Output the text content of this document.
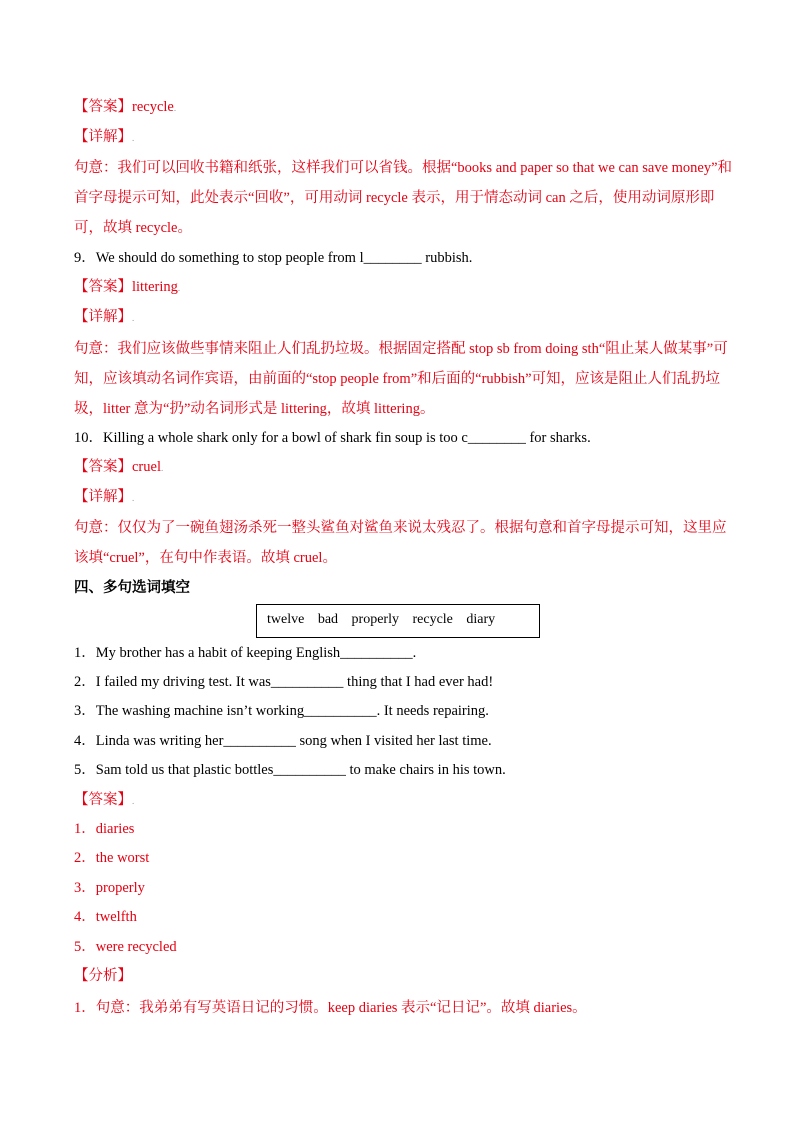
【答案】recycle.
【详解】.
句意：我们可以回收书籍和纸张，这样我们可以省钱。根据“books and paper so that we can save money”和首字母提示可知，此处表示“回收”，可用动词 recycle 表示，用于情态动词 can 之后，使用动词原形即可，故填 recycle。
9．We should do something to stop people from l________ rubbish.
【答案】littering.
【详解】.
句意：我们应该做些事情来阻止人们乱扔垃圾。根据固定搭配 stop sb from doing sth“阻止某人做某事”可知，应该填动名词作宾语，由前面的“stop people from”和后面的“rubbish”可知，应该是阻止人们乱扔垃圾，litter 意为“扔”动名词形式是 littering，故填 littering。
10．Killing a whole shark only for a bowl of shark fin soup is too c________ for sharks.
【答案】cruel.
【详解】.
句意：仅仅为了一碗鱼翅汤杀死一整头鲨鱼对鲨鱼来说太残忍了。根据句意和首字母提示可知，这里应该填“cruel”，在句中作表语。故填 cruel。
四、多句选词填空
twelve bad properly recycle diary
1．My brother has a habit of keeping English__________.
2．I failed my driving test. It was__________ thing that I had ever had!
3．The washing machine isn’t working__________. It needs repairing.
4．Linda was writing her__________ song when I visited her last time.
5．Sam told us that plastic bottles__________ to make chairs in his town.
【答案】.
1．diaries
2．the worst
3．properly
4．twelfth
5．were recycled
【分析】
1．句意：我弟弟有写英语日记的习惯。keep diaries 表示“记日记”。故填 diaries。
